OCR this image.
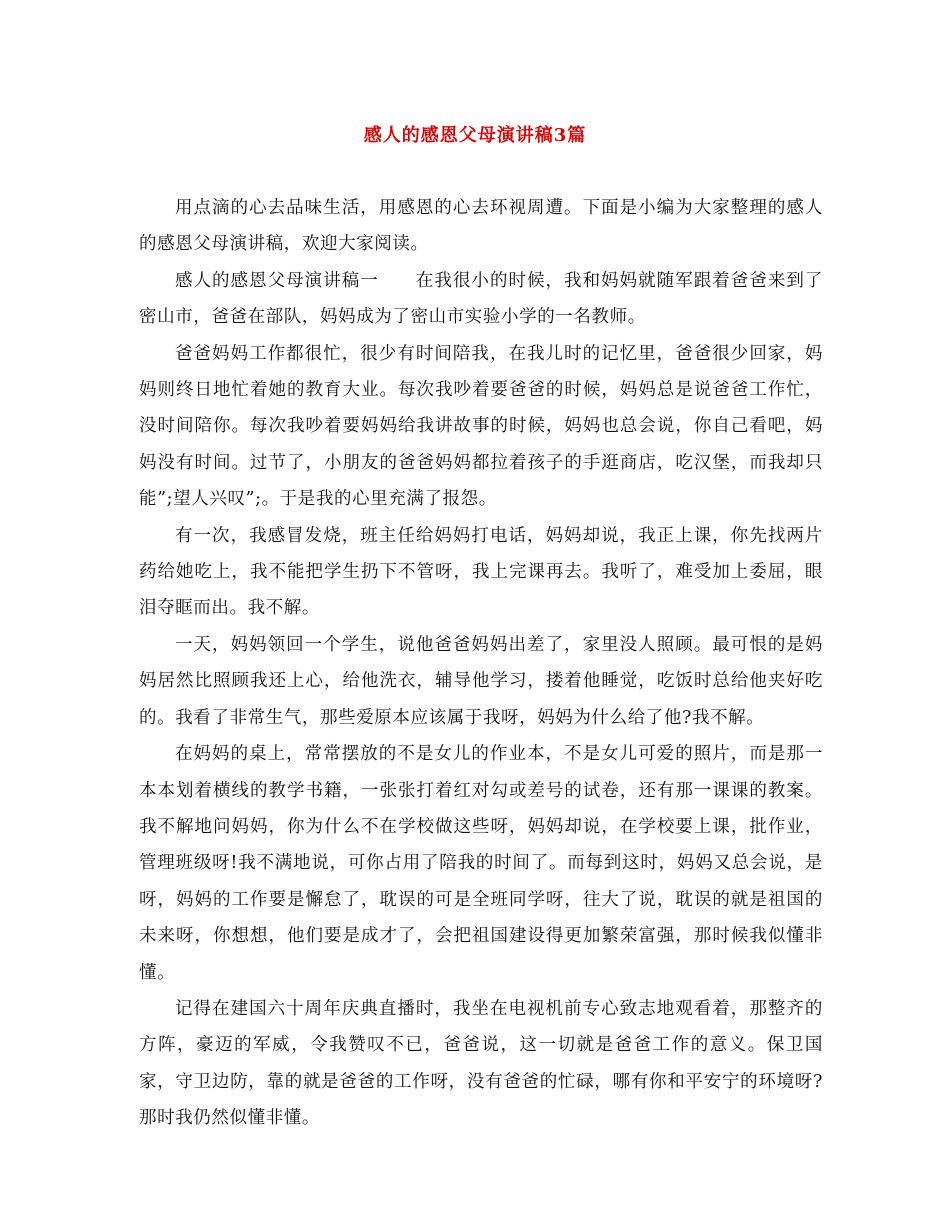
感人的感恩父母演讲稿3篇

用点滴的心去品味生活，用感恩的心去环视周遭。下面是小编为大家整理的感人的感恩父母演讲稿，欢迎大家阅读。

感人的感恩父母演讲稿一　　在我很小的时候，我和妈妈就随军跟着爸爸来到了密山市，爸爸在部队，妈妈成为了密山市实验小学的一名教师。

爸爸妈妈工作都很忙，很少有时间陪我，在我儿时的记忆里，爸爸很少回家，妈妈则终日地忙着她的教育大业。每次我吵着要爸爸的时候，妈妈总是说爸爸工作忙，没时间陪你。每次我吵着要妈妈给我讲故事的时候，妈妈也总会说，你自己看吧，妈妈没有时间。过节了，小朋友的爸爸妈妈都拉着孩子的手逛商店，吃汉堡，而我却只能”;望人兴叹”;。于是我的心里充满了报怨。

有一次，我感冒发烧，班主任给妈妈打电话，妈妈却说，我正上课，你先找两片药给她吃上，我不能把学生扔下不管呀，我上完课再去。我听了，难受加上委屈，眼泪夺眶而出。我不解。

一天，妈妈领回一个学生，说他爸爸妈妈出差了，家里没人照顾。最可恨的是妈妈居然比照顾我还上心，给他洗衣，辅导他学习，搂着他睡觉，吃饭时总给他夹好吃的。我看了非常生气，那些爱原本应该属于我呀，妈妈为什么给了他?我不解。

在妈妈的桌上，常常摆放的不是女儿的作业本，不是女儿可爱的照片，而是那一本本划着横线的教学书籍，一张张打着红对勾或差号的试卷，还有那一课课的教案。我不解地问妈妈，你为什么不在学校做这些呀，妈妈却说，在学校要上课，批作业，管理班级呀!我不满地说，可你占用了陪我的时间了。而每到这时，妈妈又总会说，是呀，妈妈的工作要是懈怠了，耽误的可是全班同学呀，往大了说，耽误的就是祖国的未来呀，你想想，他们要是成才了，会把祖国建设得更加繁荣富强，那时候我似懂非懂。

记得在建国六十周年庆典直播时，我坐在电视机前专心致志地观看着，那整齐的方阵，豪迈的军威，令我赞叹不已，爸爸说，这一切就是爸爸工作的意义。保卫国家，守卫边防，靠的就是爸爸的工作呀，没有爸爸的忙碌，哪有你和平安宁的环境呀?那时我仍然似懂非懂。
